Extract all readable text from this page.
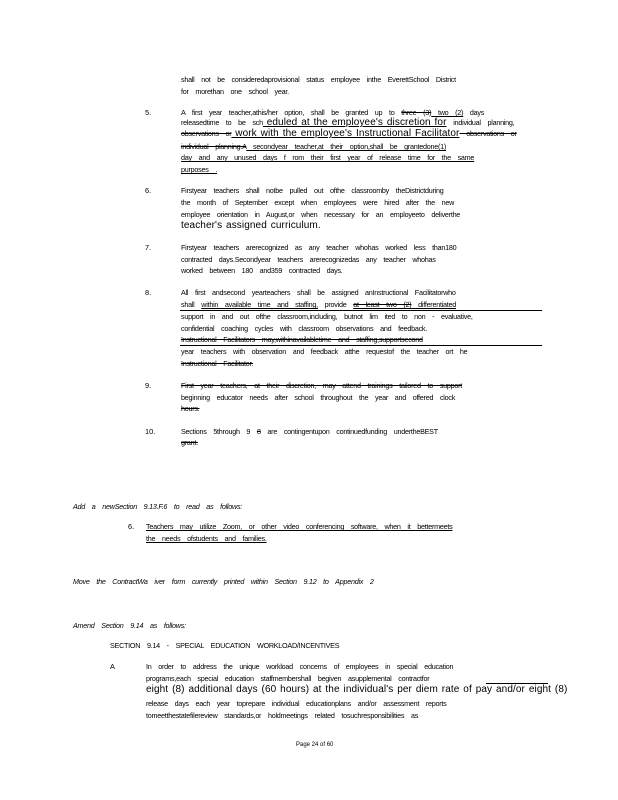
shall not be consideredaprovisional status employee inthe EverettSchool District
for morethan one school year.
5.	A first year teacher,athis/her option, shall be granted up to three (3) two (2) days
releasedtime to be sch eduled at the employee's discretion for individual planning,
observations or work with the employee's Instructional Facilitator observations or
individual planning.A secondyear teacher,at their option,shall be grantedone(1)
day and any unused days f rom their first year of release time for the same
purposes .
6.	Firstyear teachers shall notbe pulled out ofthe classroomby theDistrictduring
the month of September except when employees were hired after the new
employee orientation in August,or when necessary for an employeeto deliverthe
teacher's assigned curriculum.
7.	Firstyear teachers arerecognized as any teacher whohas worked less than180
contracted days.Secondyear teachers arerecognizedas any teacher whohas
worked between 180 and359 contracted days.
8.	All first andsecond yearteachers shall be assigned anInstructional Facilitatorwho
shall within available time and staffing, provide at least two (2) differentiated
support in and out ofthe classroom,including, butnot lim ited to non - evaluative,
confidential coaching cycles with classroom observations and feedback.
Instructional Facilitators may,withinavailabletime and staffing,supportsecond
year teachers with observation and feedback atthe requestof the teacher ort he
Instructional Facilitator.
9.	First year teachers, at their discretion, may attend trainings tailored to support
beginning educator needs after school throughout the year and offered clock
hours.
10.	Sections 5through 9 8 are contingentupon continuedfunding undertheBEST
grant.
Add a newSection 9.13.F.6 to read as follows:
6. Teachers may utilize Zoom, or other video conferencing software, when it bettermeets
the needs ofstudents and families.
Move the ContractWa iver form currently printed within Section 9.12 to Appendix 2
Amend Section 9.14 as follows:
SECTION 9.14 - SPECIAL EDUCATION WORKLOAD/INCENTIVES
A	In order to address the unique workload concerns of employees in special education
programs,each special education staffmembershall begiven asupplemental contractfor
eight (8) additional days (60 hours) at the individual's per diem rate of pay and/or eight (8)
release days each year toprepare individual educationplans and/or assessment reports
tomeetthestatefilereview standards,or holdmeetings related tosuchresponsibilities as
Page 24 of 60
